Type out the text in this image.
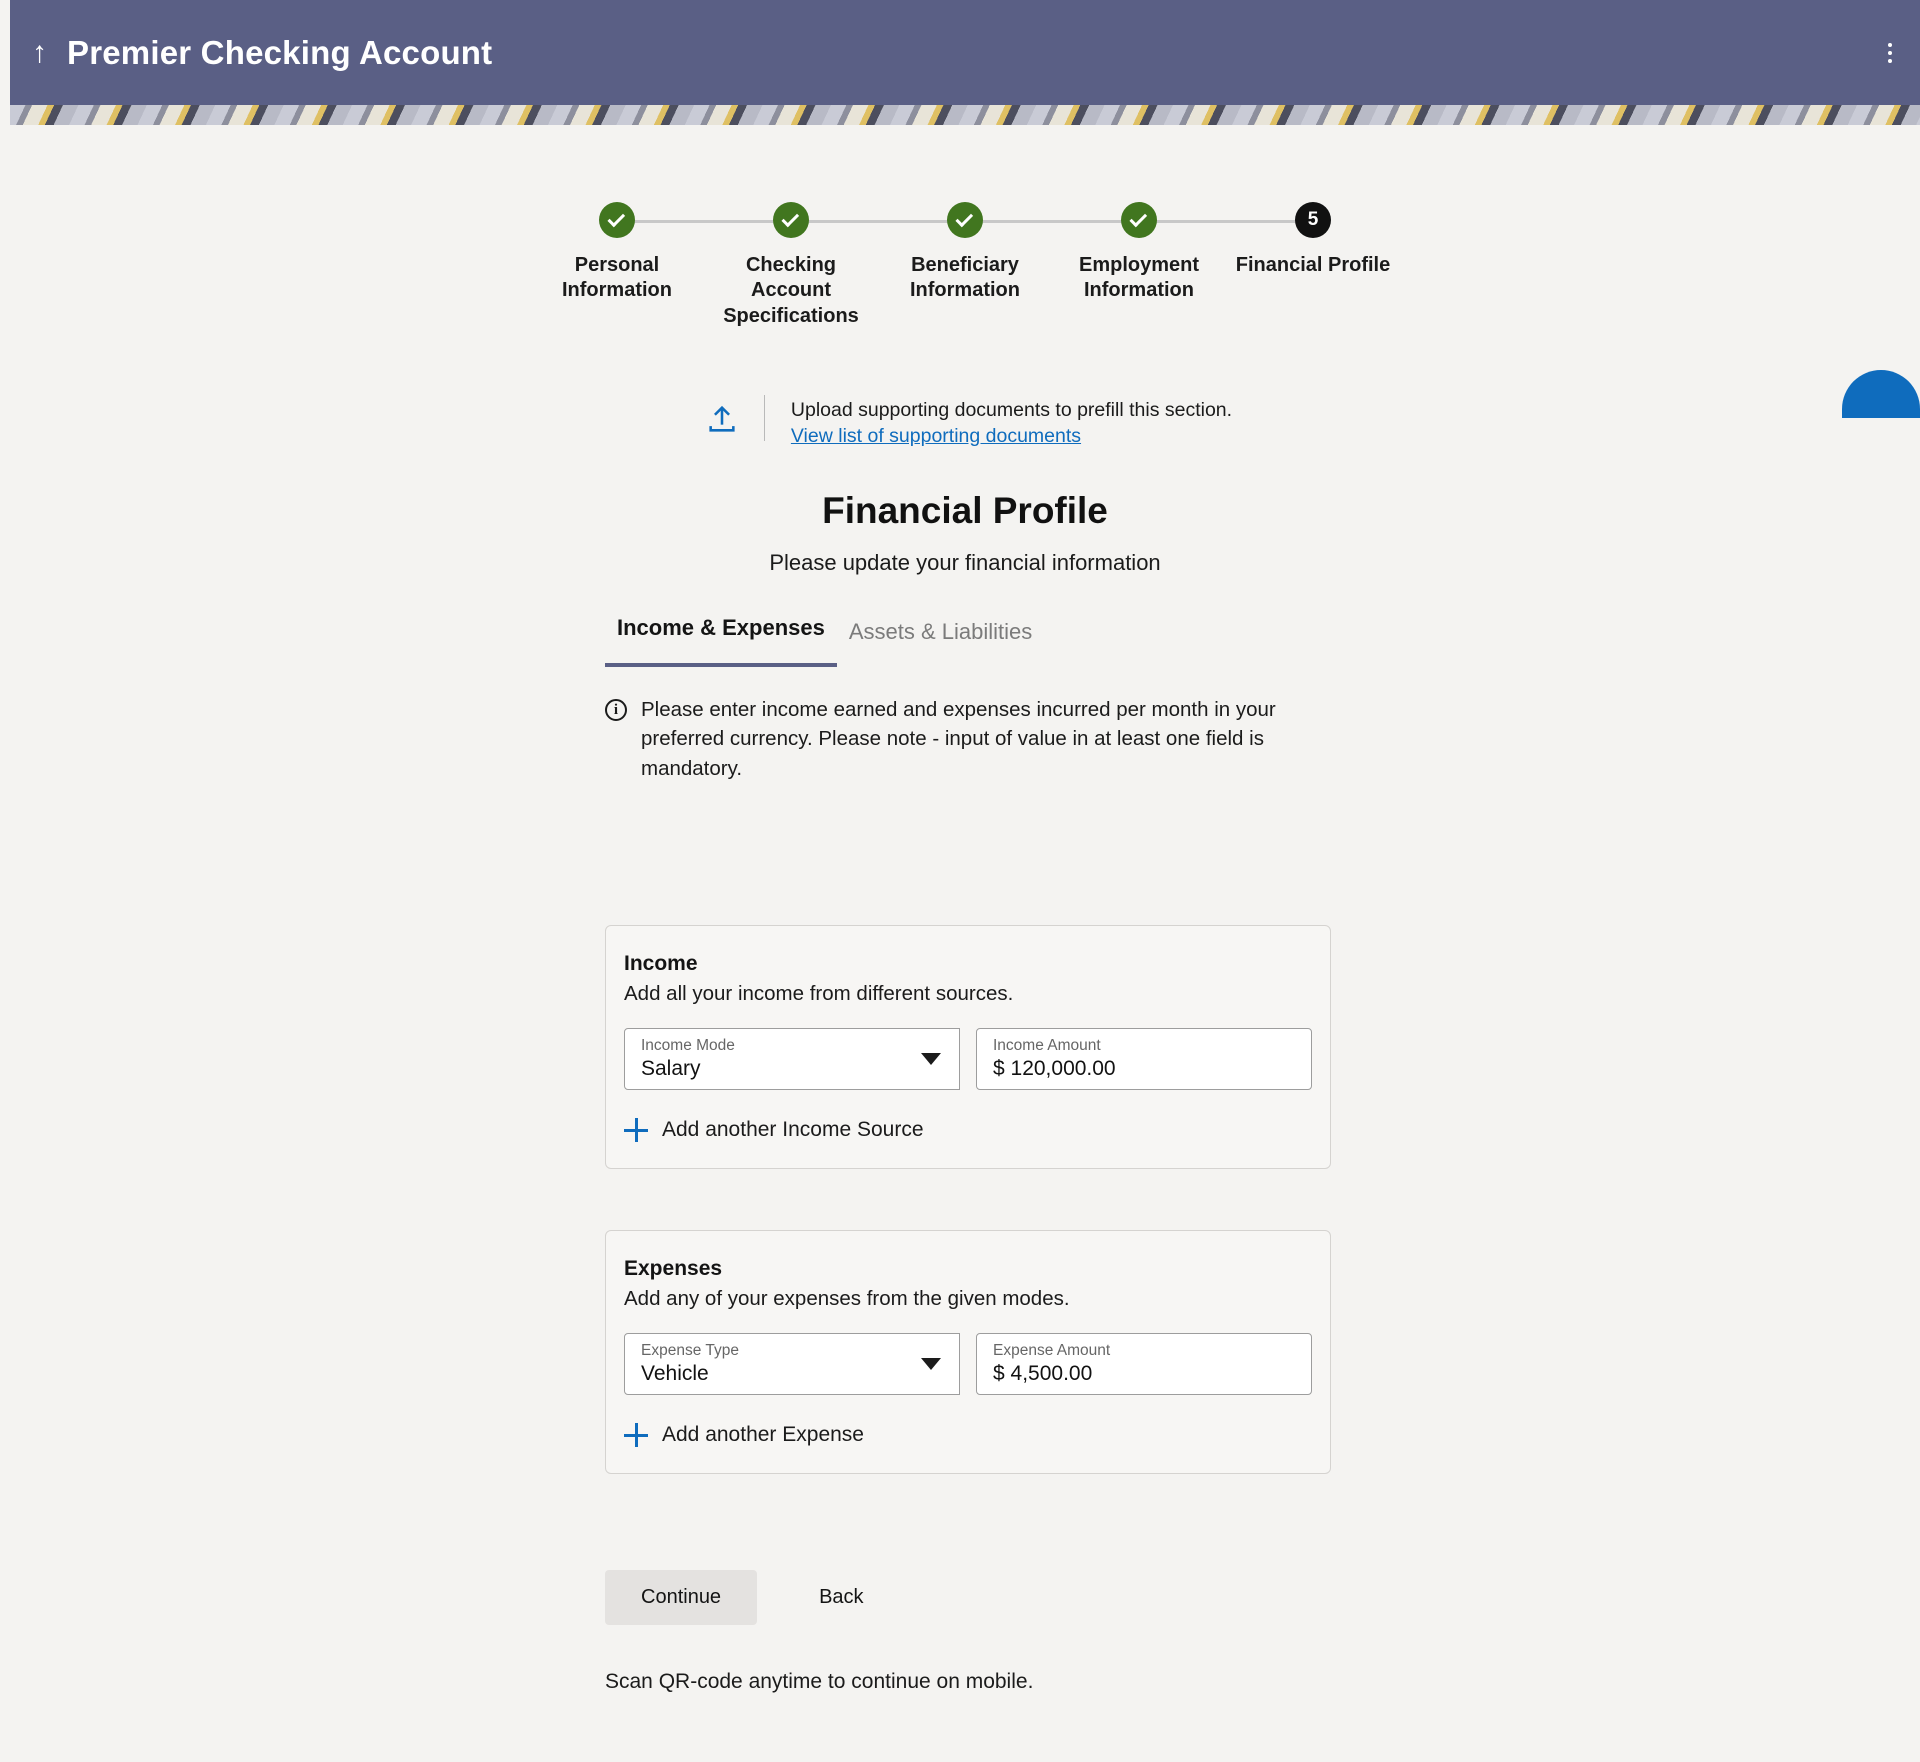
↑ Premier Checking Account
Personal Information
Checking Account Specifications
Beneficiary Information
Employment Information
5
Financial Profile
Upload supporting documents to prefill this section.
View list of supporting documents
Financial Profile
Please update your financial information
Income & Expenses	Assets & Liabilities
i	Please enter income earned and expenses incurred per month in your preferred currency. Please note - input of value in at least one field is mandatory.

Income

Add all your income from different sources.

Income Mode
Salary
Income Amount
$ 120,000.00
Add another Income Source
Expenses

Add any of your expenses from the given modes.

Expense Type
Vehicle
Expense Amount
$ 4,500.00
Add another Expense
Continue	Back
Scan QR-code anytime to continue on mobile.
